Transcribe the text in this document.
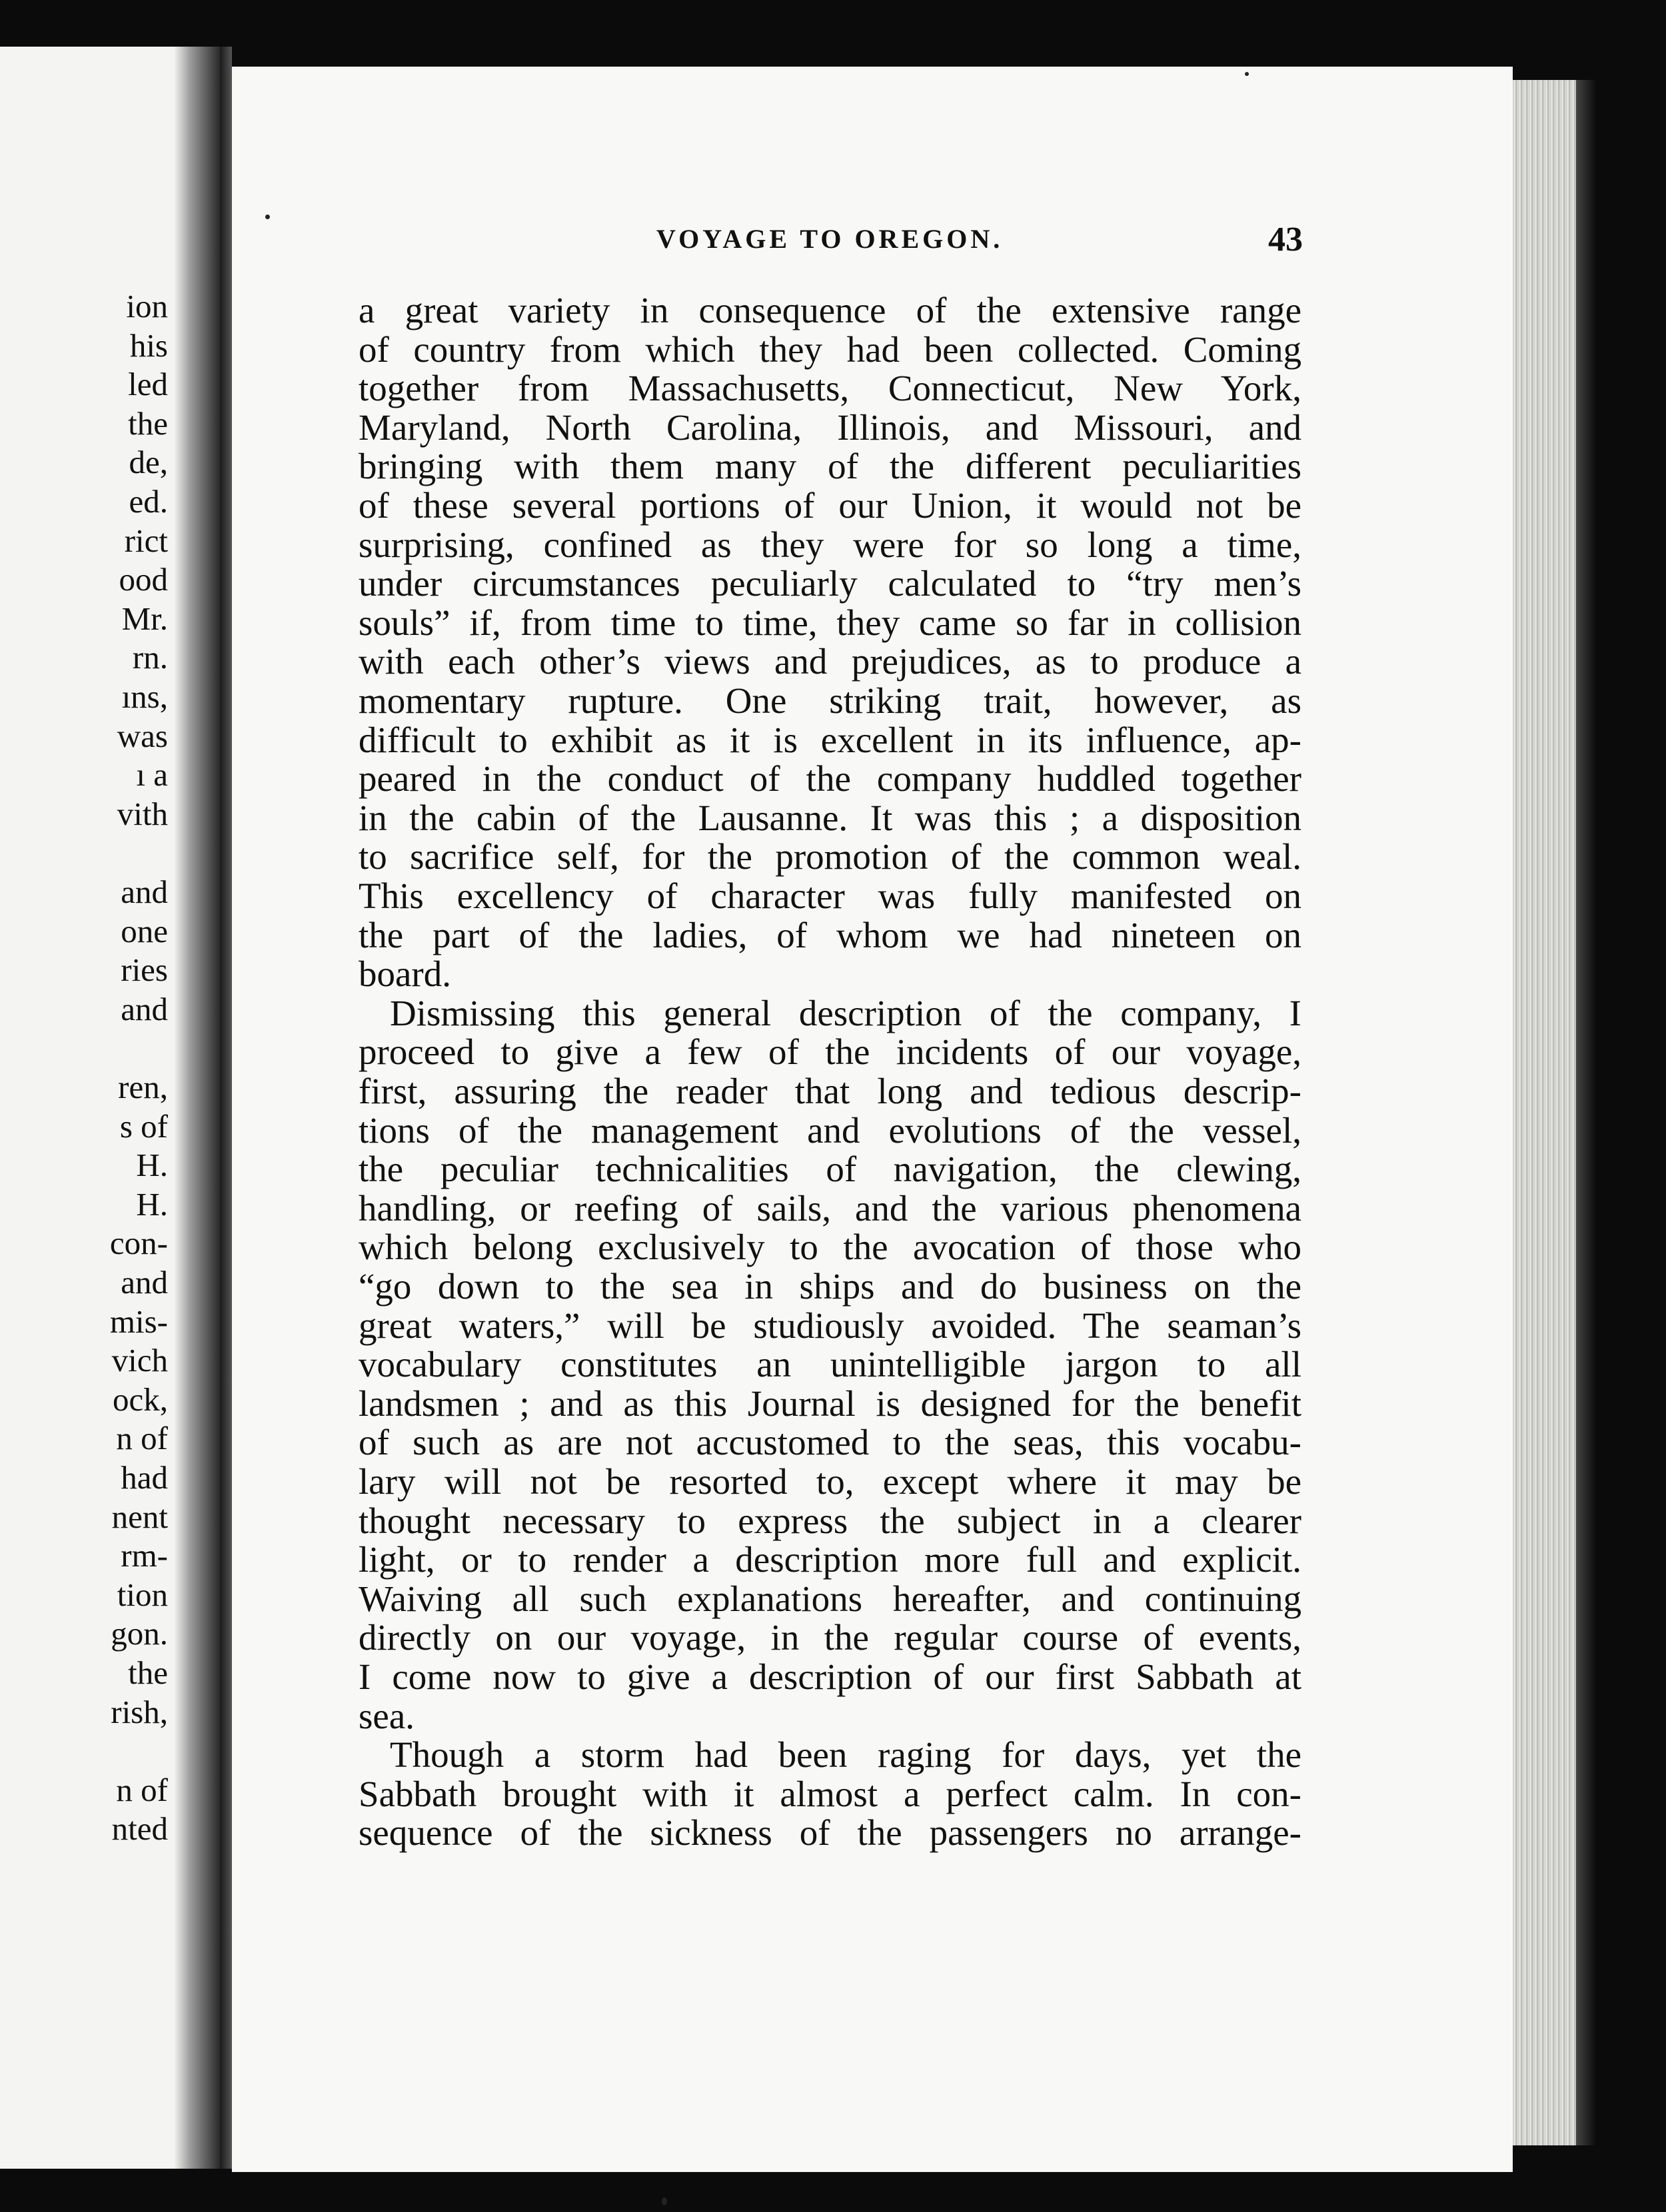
ion
his
led
the
de,
ed.
rict
ood
Mr.
rn.
ıns,
was
ı a
vith
and
one
ries
and
ren,
s of
H.
H.
con-
and
mis-
vich
ock,
n of
had
nent
rm-
tion
gon.
the
rish,
n of
nted
VOYAGE TO OREGON.	43
a great variety in consequence of the extensive range
of country from which they had been collected. Coming
together from Massachusetts, Connecticut, New York,
Maryland, North Carolina, Illinois, and Missouri, and
bringing with them many of the different peculiarities
of these several portions of our Union, it would not be
surprising, confined as they were for so long a time,
under circumstances peculiarly calculated to “try men’s
souls” if, from time to time, they came so far in collision
with each other’s views and prejudices, as to produce a
momentary rupture. One striking trait, however, as
difficult to exhibit as it is excellent in its influence, ap-
peared in the conduct of the company huddled together
in the cabin of the Lausanne. It was this ; a disposition
to sacrifice self, for the promotion of the common weal.
This excellency of character was fully manifested on
the part of the ladies, of whom we had nineteen on
board.
Dismissing this general description of the company, I
proceed to give a few of the incidents of our voyage,
first, assuring the reader that long and tedious descrip-
tions of the management and evolutions of the vessel,
the peculiar technicalities of navigation, the clewing,
handling, or reefing of sails, and the various phenomena
which belong exclusively to the avocation of those who
“go down to the sea in ships and do business on the
great waters,” will be studiously avoided. The seaman’s
vocabulary constitutes an unintelligible jargon to all
landsmen ; and as this Journal is designed for the benefit
of such as are not accustomed to the seas, this vocabu-
lary will not be resorted to, except where it may be
thought necessary to express the subject in a clearer
light, or to render a description more full and explicit.
Waiving all such explanations hereafter, and continuing
directly on our voyage, in the regular course of events,
I come now to give a description of our first Sabbath at
sea.
Though a storm had been raging for days, yet the
Sabbath brought with it almost a perfect calm. In con-
sequence of the sickness of the passengers no arrange-
